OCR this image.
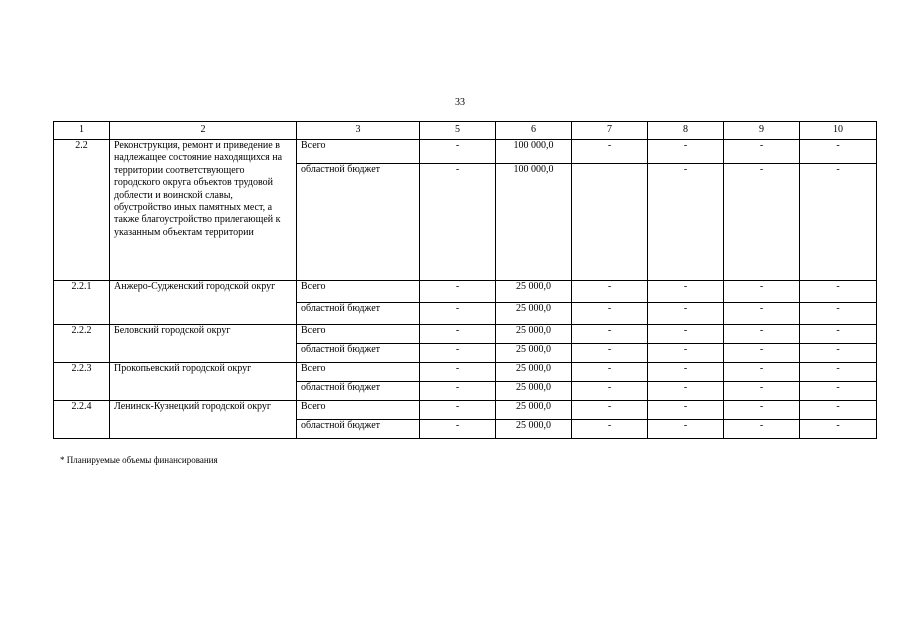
33
1	2	3	5	6	7	8	9	10
2.2	Реконструкция, ремонт и приведение в надлежащее состояние находящихся на территории соответствующего городского округа объектов трудовой доблести и воинской славы, обустройство иных памятных мест, а также благоустройство прилегающей к указанным объектам территории	Всего	-	100 000,0	-	-	-	-
		областной бюджет	-	100 000,0		-	-	-
2.2.1	Анжеро-Судженский городской округ	Всего	-	25 000,0	-	-	-	-
		областной бюджет	-	25 000,0	-	-	-	-
2.2.2	Беловский городской округ	Всего	-	25 000,0	-	-	-	-
		областной бюджет	-	25 000,0	-	-	-	-
2.2.3	Прокопьевский городской округ	Всего	-	25 000,0	-	-	-	-
		областной бюджет	-	25 000,0	-	-	-	-
2.2.4	Ленинск-Кузнецкий городской округ	Всего	-	25 000,0	-	-	-	-
		областной бюджет	-	25 000,0	-	-	-	-
* Планируемые объемы финансирования
